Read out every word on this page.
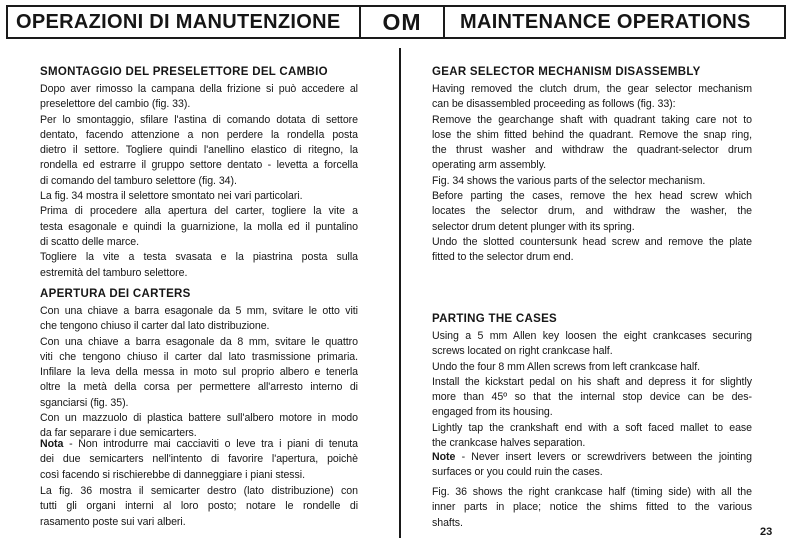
OPERAZIONI DI MANUTENZIONE	OM	MAINTENANCE OPERATIONS
SMONTAGGIO DEL PRESELETTORE DEL CAMBIO
Dopo aver rimosso la campana della frizione si può accedere al
preselettore del cambio (fig. 33).
Per lo smontaggio, sfilare l'astina di comando dotata di settore
dentato, facendo attenzione a non perdere la rondella posta
dietro il settore. Togliere quindi l'anellino elastico di ritegno, la
rondella ed estrarre il gruppo settore dentato - levetta a forcella
di comando del tamburo selettore (fig. 34).
La fig. 34 mostra il selettore smontato nei vari particolari.
Prima di procedere alla apertura del carter, togliere la vite a
testa esagonale e quindi la guarnizione, la molla ed il puntalino
di scatto delle marce.
Togliere la vite a testa svasata e la piastrina posta sulla
estremità del tamburo selettore.
APERTURA DEI CARTERS
Con una chiave a barra esagonale da 5 mm, svitare le otto viti
che tengono chiuso il carter dal lato distribuzione.
Con una chiave a barra esagonale da 8 mm, svitare le quattro
viti che tengono chiuso il carter dal lato trasmissione primaria.
Infilare la leva della messa in moto sul proprio albero e tenerla
oltre la metà della corsa per permettere all'arresto interno di
sganciarsi (fig. 35).
Con un mazzuolo di plastica battere sull'albero motore in modo
da far separare i due semicarters.
Nota - Non introdurre mai cacciaviti o leve tra i piani di tenuta
dei due semicarters nell'intento di favorire l'apertura, poichè
così facendo si rischierebbe di danneggiare i piani stessi.
La fig. 36 mostra il semicarter destro (lato distribuzione) con
tutti gli organi interni al loro posto; notare le rondelle di
rasamento poste sui vari alberi.
GEAR SELECTOR MECHANISM DISASSEMBLY
Having removed the clutch drum, the gear selector mechanism
can be disassembled proceeding as follows (fig. 33):
Remove the gearchange shaft with quadrant taking care not to
lose the shim fitted behind the quadrant. Remove the snap ring,
the thrust washer and withdraw the quadrant-selector drum
operating arm assembly.
Fig. 34 shows the various parts of the selector mechanism.
Before parting the cases, remove the hex head screw which
locates the selector drum, and withdraw the washer, the
selector drum detent plunger with its spring.
Undo the slotted countersunk head screw and remove the plate
fitted to the selector drum end.
PARTING THE CASES
Using a 5 mm Allen key loosen the eight crankcases securing
screws located on right crankcase half.
Undo the four 8 mm Allen screws from left crankcase half.
Install the kickstart pedal on his shaft and depress it for slightly
more than 45º so that the internal stop device can be des-
engaged from its housing.
Lightly tap the crankshaft end with a soft faced mallet to ease
the crankcase halves separation.
Note - Never insert levers or screwdrivers between the jointing
surfaces or you could ruin the cases.
Fig. 36 shows the right crankcase half (timing side) with all the
inner parts in place; notice the shims fitted to the various
shafts.
23
